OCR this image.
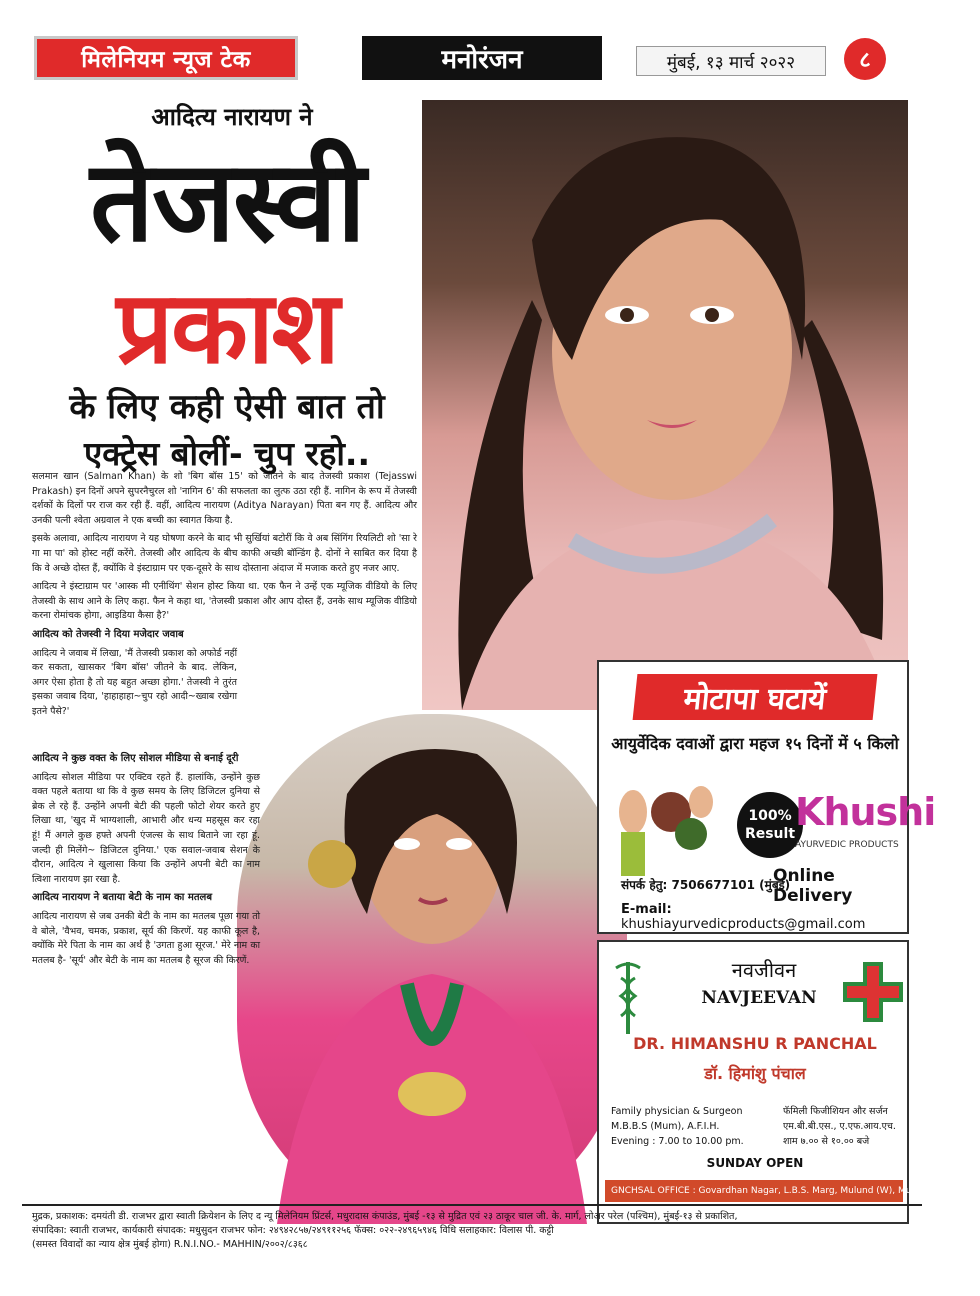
मिलेनियम न्यूज टेक	मनोरंजन	मुंबई, १३ मार्च २०२२	८
आदित्य नारायण ने
तेजस्वी
प्रकाश
के लिए कही ऐसी बात तो
एक्ट्रेस बोलीं- चुप रहो..

सलमान खान (Salman Khan) के शो 'बिग बॉस 15' को जीतने के बाद तेजस्वी प्रकाश (Tejasswi Prakash) इन दिनों अपने सुपरनैचुरल शो 'नागिन 6' की सफलता का लुत्फ उठा रही हैं. नागिन के रूप में तेजस्वी दर्शकों के दिलों पर राज कर रही हैं. वहीं, आदित्य नारायण (Aditya Narayan) पिता बन गए हैं. आदित्य और उनकी पत्नी श्वेता अग्रवाल ने एक बच्ची का स्वागत किया है.

इसके अलावा, आदित्य नारायण ने यह घोषणा करने के बाद भी सुर्खियां बटोरीं कि वे अब सिंगिंग रियलिटी शो 'सा रे गा मा पा' को होस्ट नहीं करेंगे. तेजस्वी और आदित्य के बीच काफी अच्छी बॉन्डिंग है. दोनों ने साबित कर दिया है कि वे अच्छे दोस्त हैं, क्योंकि वे इंस्टाग्राम पर एक-दूसरे के साथ दोस्ताना अंदाज में मजाक करते हुए नजर आए.

आदित्य ने इंस्टाग्राम पर 'आस्क मी एनीथिंग' सेशन होस्ट किया था. एक फैन ने उन्हें एक म्यूजिक वीडियो के लिए तेजस्वी के साथ आने के लिए कहा. फैन ने कहा था, 'तेजस्वी प्रकाश और आप दोस्त हैं, उनके साथ म्यूजिक वीडियो करना रोमांचक होगा, आइडिया कैसा है?'

आदित्य को तेजस्वी ने दिया मजेदार जवाब

आदित्य ने जवाब में लिखा, 'मैं तेजस्वी प्रकाश को अफोर्ड नहीं कर सकता, खासकर 'बिग बॉस' जीतने के बाद. लेकिन, अगर ऐसा होता है तो यह बहुत अच्छा होगा.' तेजस्वी ने तुरंत इसका जवाब दिया, 'हाहाहाहा~चुप रहो आदी~ख्वाब रखेगा इतने पैसे?'

आदित्य ने कुछ वक्त के लिए सोशल मीडिया से बनाई दूरी

आदित्य सोशल मीडिया पर एक्टिव रहते हैं. हालांकि, उन्होंने कुछ वक्त पहले बताया था कि वे कुछ समय के लिए डिजिटल दुनिया से ब्रेक ले रहे हैं. उन्होंने अपनी बेटी की पहली फोटो शेयर करते हुए लिखा था, 'खुद में भाग्यशाली, आभारी और धन्य महसूस कर रहा हूं! मैं अगले कुछ हफ्ते अपनी एंजल्स के साथ बिताने जा रहा हूं. जल्दी ही मिलेंगे~ डिजिटल दुनिया.' एक सवाल-जवाब सेशन के दौरान, आदित्य ने खुलासा किया कि उन्होंने अपनी बेटी का नाम त्विशा नारायण झा रखा है.

आदित्य नारायण ने बताया बेटी के नाम का मतलब

आदित्य नारायण से जब उनकी बेटी के नाम का मतलब पूछा गया तो वे बोले, 'वैभव, चमक, प्रकाश, सूर्य की किरणें. यह काफी कूल है, क्योंकि मेरे पिता के नाम का अर्थ है 'उगता हुआ सूरज.' मेरे नाम का मतलब है- 'सूर्य' और बेटी के नाम का मतलब है सूरज की किरणें.

मोटापा घटायें
आयुर्वेदिक दवाओं द्वारा महज १५ दिनों में ५ किलो
100%
Result Khushi
AYURVEDIC PRODUCTS
Online Delivery
संपर्क हेतु: 7506677101 (मुंबई)
E-mail: khushiayurvedicproducts@gmail.com
नवजीवन
NAVJEEVAN
DR. HIMANSHU R PANCHAL
डॉ. हिमांशु पंचाल
Family physician & Surgeon
M.B.B.S (Mum), A.F.I.H.
Evening : 7.00 to 10.00 pm.
फॅमिली फिजीशियन और सर्जन
एम.बी.बी.एस., ए.एफ.आय.एच.
शाम ७.०० से १०.०० बजे
SUNDAY OPEN
GNCHSAL OFFICE : Govardhan Nagar, L.B.S. Marg, Mulund (W), Mumbai - 400 080
मुद्रक, प्रकाशक: दमयंती डी. राजभर द्वारा स्वाती क्रियेशन के लिए द न्यू मिलेनियम प्रिंटर्स, मधुरादास कंपाउंड, मुंबई -१३ से मुद्रित एवं २३ ठाकूर चाल जी. के. मार्ग, लोअर परेल (पश्चिम), मुंबई-१३ से प्रकाशित,
संपादिका: स्वाती राजभर, कार्यकारी संपादक: मधुसुदन राजभर फोन: २४९४२८५७/२४९११२५६ फॅक्स: ०२२-२४९६५९४६ विधि सलाहकार: विलास पी. कट्टी
(समस्त विवादों का न्याय क्षेत्र मुंबई होगा) R.N.I.NO.- MAHHIN/२००२/८३६८
